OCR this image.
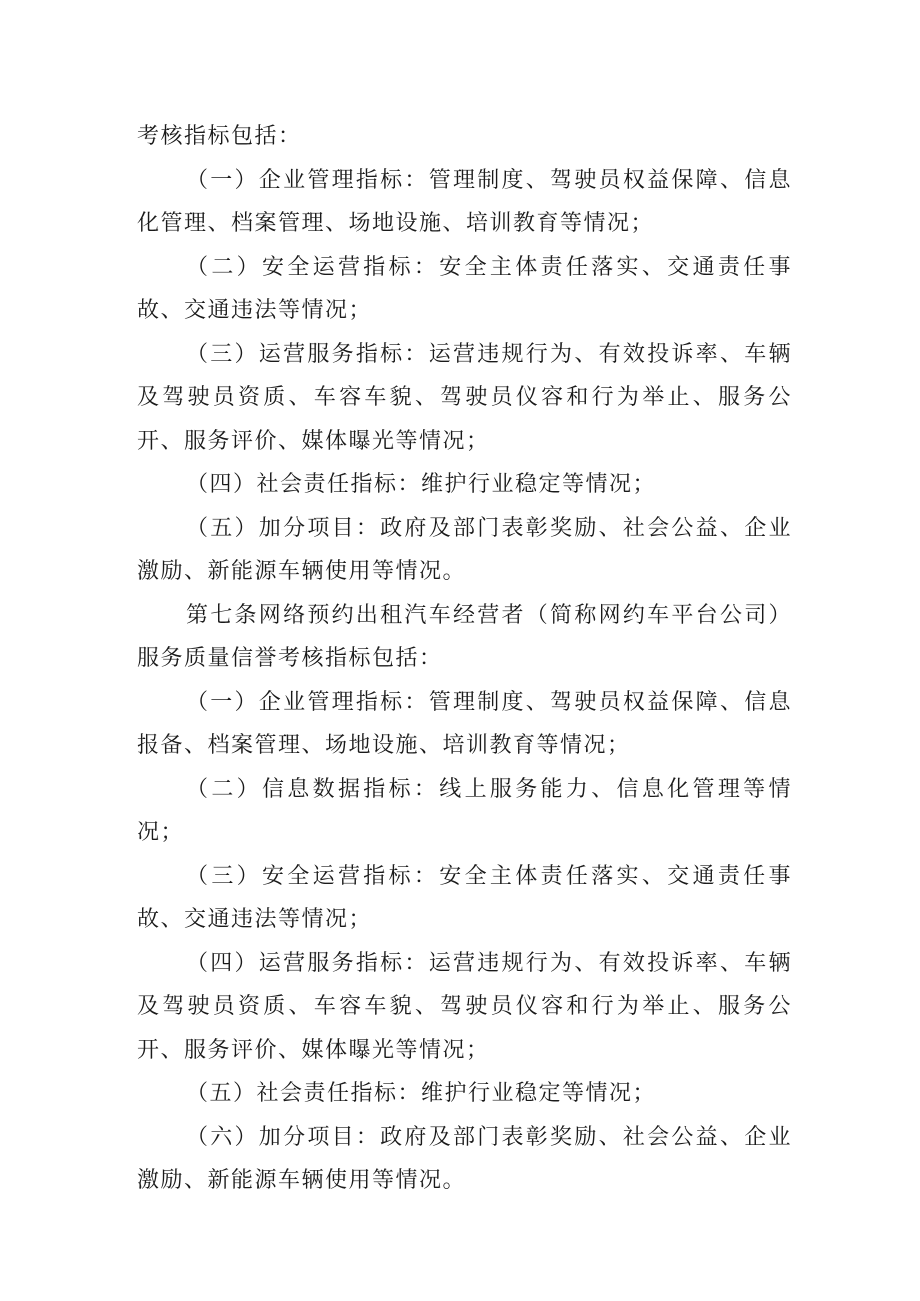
考核指标包括：

（一）企业管理指标：管理制度、驾驶员权益保障、信息化管理、档案管理、场地设施、培训教育等情况；

（二）安全运营指标：安全主体责任落实、交通责任事故、交通违法等情况；

（三）运营服务指标：运营违规行为、有效投诉率、车辆及驾驶员资质、车容车貌、驾驶员仪容和行为举止、服务公开、服务评价、媒体曝光等情况；

（四）社会责任指标：维护行业稳定等情况；

（五）加分项目：政府及部门表彰奖励、社会公益、企业激励、新能源车辆使用等情况。

第七条网络预约出租汽车经营者（简称网约车平台公司）服务质量信誉考核指标包括：

（一）企业管理指标：管理制度、驾驶员权益保障、信息报备、档案管理、场地设施、培训教育等情况；

（二）信息数据指标：线上服务能力、信息化管理等情况；

（三）安全运营指标：安全主体责任落实、交通责任事故、交通违法等情况；

（四）运营服务指标：运营违规行为、有效投诉率、车辆及驾驶员资质、车容车貌、驾驶员仪容和行为举止、服务公开、服务评价、媒体曝光等情况；

（五）社会责任指标：维护行业稳定等情况；

（六）加分项目：政府及部门表彰奖励、社会公益、企业激励、新能源车辆使用等情况。
